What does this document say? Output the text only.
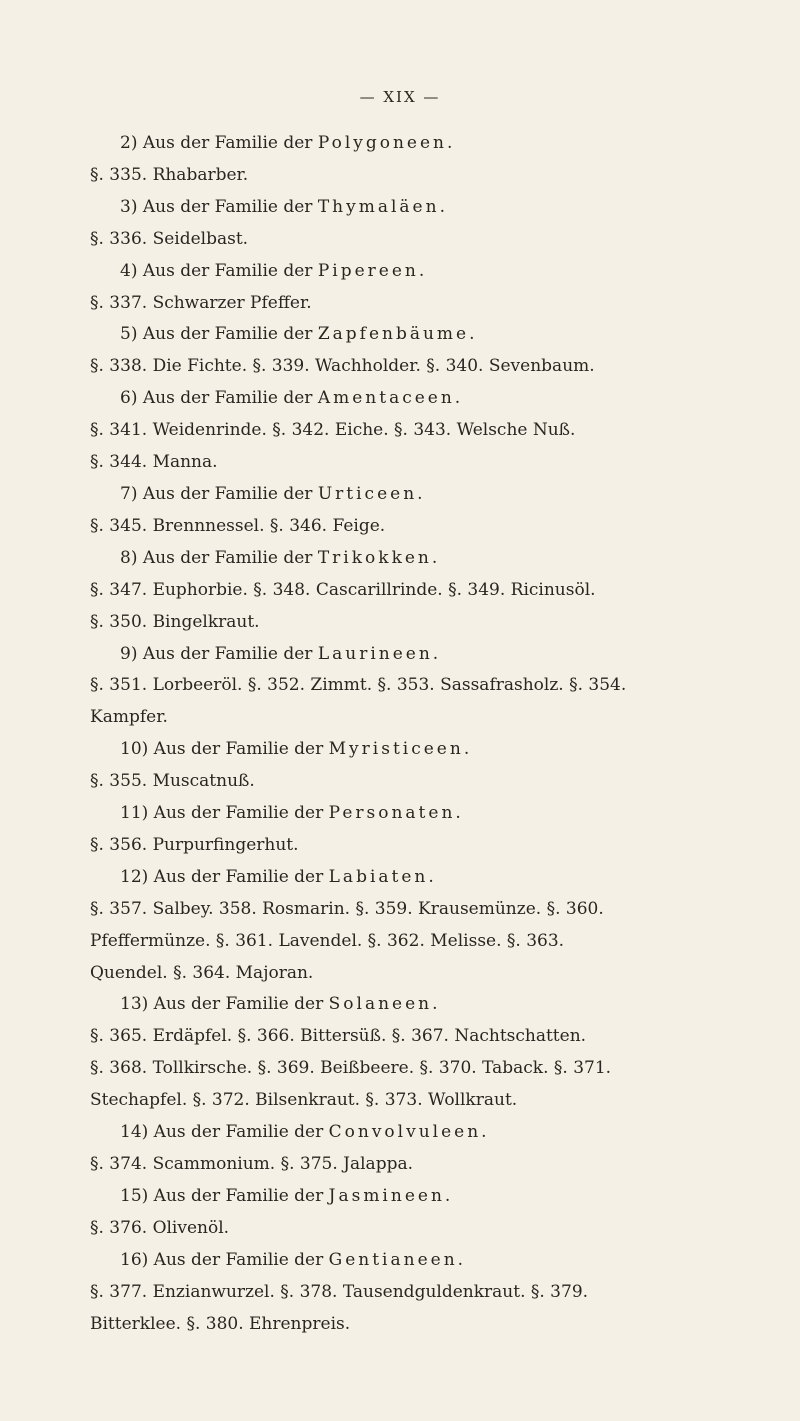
— XIX —
2) Aus der Familie der Polygoneen.
§. 335. Rhabarber.
3) Aus der Familie der Thymaläen.
§. 336. Seidelbast.
4) Aus der Familie der Pipereen.
§. 337. Schwarzer Pfeffer.
5) Aus der Familie der Zapfenbäume.
§. 338. Die Fichte. §. 339. Wachholder. §. 340. Sevenbaum.
6) Aus der Familie der Amentaceen.
§. 341. Weidenrinde. §. 342. Eiche. §. 343. Welsche Nuß.
§. 344. Manna.
7) Aus der Familie der Urticeen.
§. 345. Brennnessel. §. 346. Feige.
8) Aus der Familie der Trikokken.
§. 347. Euphorbie. §. 348. Cascarillrinde. §. 349. Ricinusöl.
§. 350. Bingelkraut.
9) Aus der Familie der Laurineen.
§. 351. Lorbeeröl. §. 352. Zimmt. §. 353. Sassafrasholz. §. 354.
Kampfer.
10) Aus der Familie der Myristiceen.
§. 355. Muscatnuß.
11) Aus der Familie der Personaten.
§. 356. Purpurfingerhut.
12) Aus der Familie der Labiaten.
§. 357. Salbey. 358. Rosmarin. §. 359. Krausemünze. §. 360.
Pfeffermünze. §. 361. Lavendel. §. 362. Melisse. §. 363.
Quendel. §. 364. Majoran.
13) Aus der Familie der Solaneen.
§. 365. Erdäpfel. §. 366. Bittersüß. §. 367. Nachtschatten.
§. 368. Tollkirsche. §. 369. Beißbeere. §. 370. Taback. §. 371.
Stechapfel. §. 372. Bilsenkraut. §. 373. Wollkraut.
14) Aus der Familie der Convolvuleen.
§. 374. Scammonium. §. 375. Jalappa.
15) Aus der Familie der Jasmineen.
§. 376. Olivenöl.
16) Aus der Familie der Gentianeen.
§. 377. Enzianwurzel. §. 378. Tausendguldenkraut. §. 379.
Bitterklee. §. 380. Ehrenpreis.
